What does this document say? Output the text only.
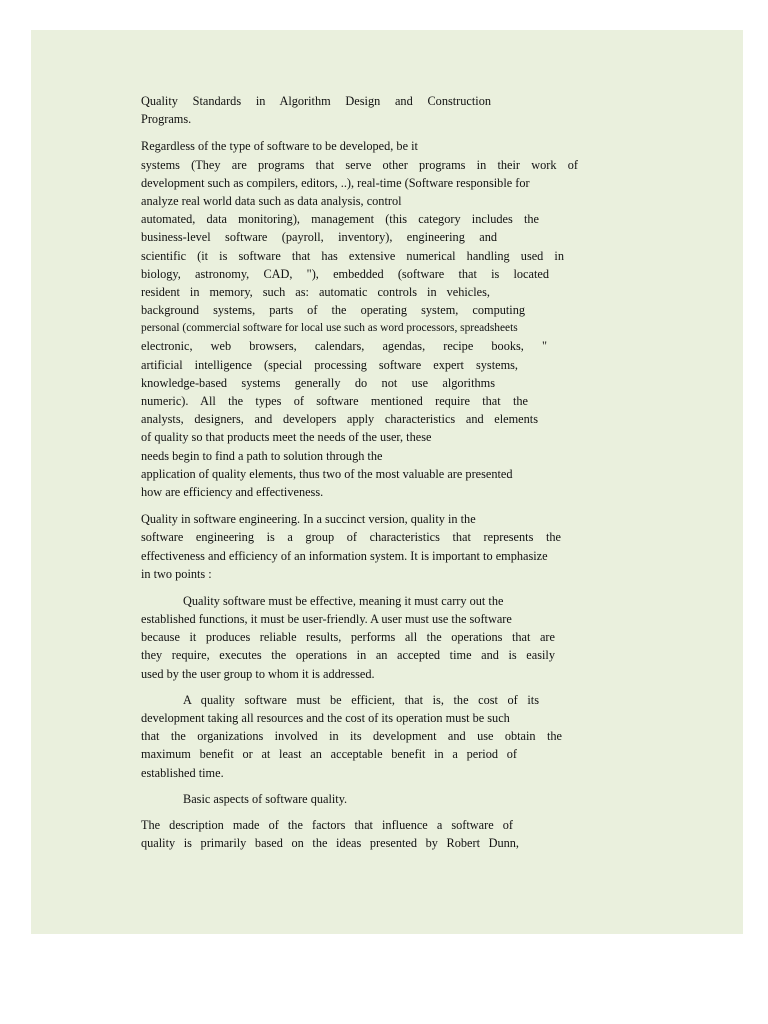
Quality Standards in Algorithm Design and Construction
Programs.
Regardless of the type of software to be developed, be it
systems (They are programs that serve other programs in their work of
development such as compilers, editors, ..), real-time (Software responsible for
analyze real world data such as data analysis, control
automated, data monitoring), management (this category includes the
business-level software (payroll, inventory), engineering and
scientific (it is software that has extensive numerical handling used in
biology, astronomy, CAD, "), embedded (software that is located
resident in memory, such as: automatic controls in vehicles,
background systems, parts of the operating system, computing
personal (commercial software for local use such as word processors, spreadsheets
electronic, web browsers, calendars, agendas, recipe books, "
artificial intelligence (special processing software expert systems,
knowledge-based systems generally do not use algorithms
numeric). All the types of software mentioned require that the
analysts, designers, and developers apply characteristics and elements
of quality so that products meet the needs of the user, these
needs begin to find a path to solution through the
application of quality elements, thus two of the most valuable are presented
how are efficiency and effectiveness.
Quality in software engineering. In a succinct version, quality in the
software engineering is a group of characteristics that represents the
effectiveness and efficiency of an information system. It is important to emphasize
in two points :
Quality software must be effective, meaning it must carry out the
established functions, it must be user-friendly. A user must use the software
because it produces reliable results, performs all the operations that are
they require, executes the operations in an accepted time and is easily
used by the user group to whom it is addressed.
A quality software must be efficient, that is, the cost of its
development taking all resources and the cost of its operation must be such
that the organizations involved in its development and use obtain the
maximum benefit or at least an acceptable benefit in a period of
established time.
Basic aspects of software quality.
The description made of the factors that influence a software of
quality is primarily based on the ideas presented by Robert Dunn,
